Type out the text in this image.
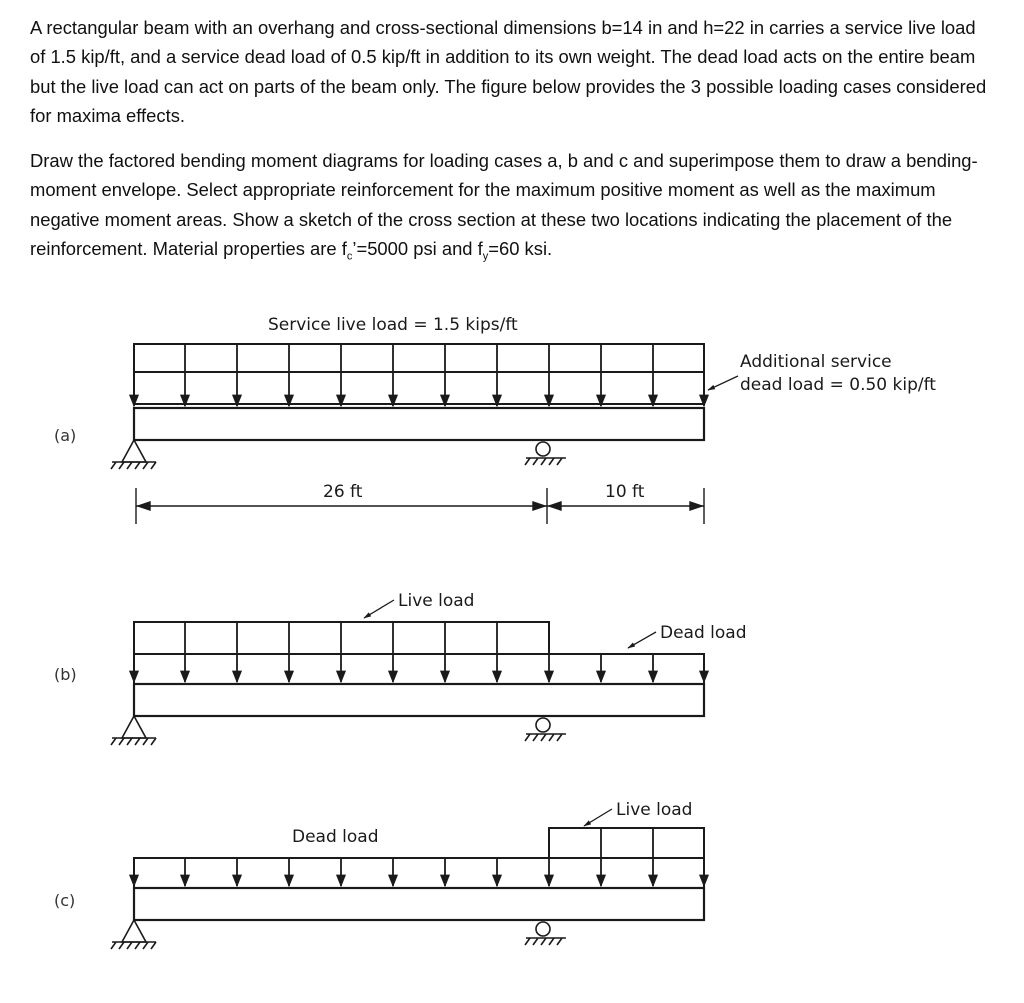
A rectangular beam with an overhang and cross-sectional dimensions b=14 in and h=22 in carries a service live load of 1.5 kip/ft, and a service dead load of 0.5 kip/ft in addition to its own weight. The dead load acts on the entire beam but the live load can act on parts of the beam only. The figure below provides the 3 possible loading cases considered for maxima effects.
Draw the factored bending moment diagrams for loading cases a, b and c and superimpose them to draw a bending-moment envelope. Select appropriate reinforcement for the maximum positive moment as well as the maximum negative moment areas. Show a sketch of the cross section at these two locations indicating the placement of the reinforcement. Material properties are $f_c’=5000$ psi and $f_y=60$ ksi.
Service live load = 1.5 kips/ft
(a)
Additional service
dead load = 0.50 kip/ft
26 ft	10 ft
(b)
Live load
Dead load
(c)
Dead load
Live load
